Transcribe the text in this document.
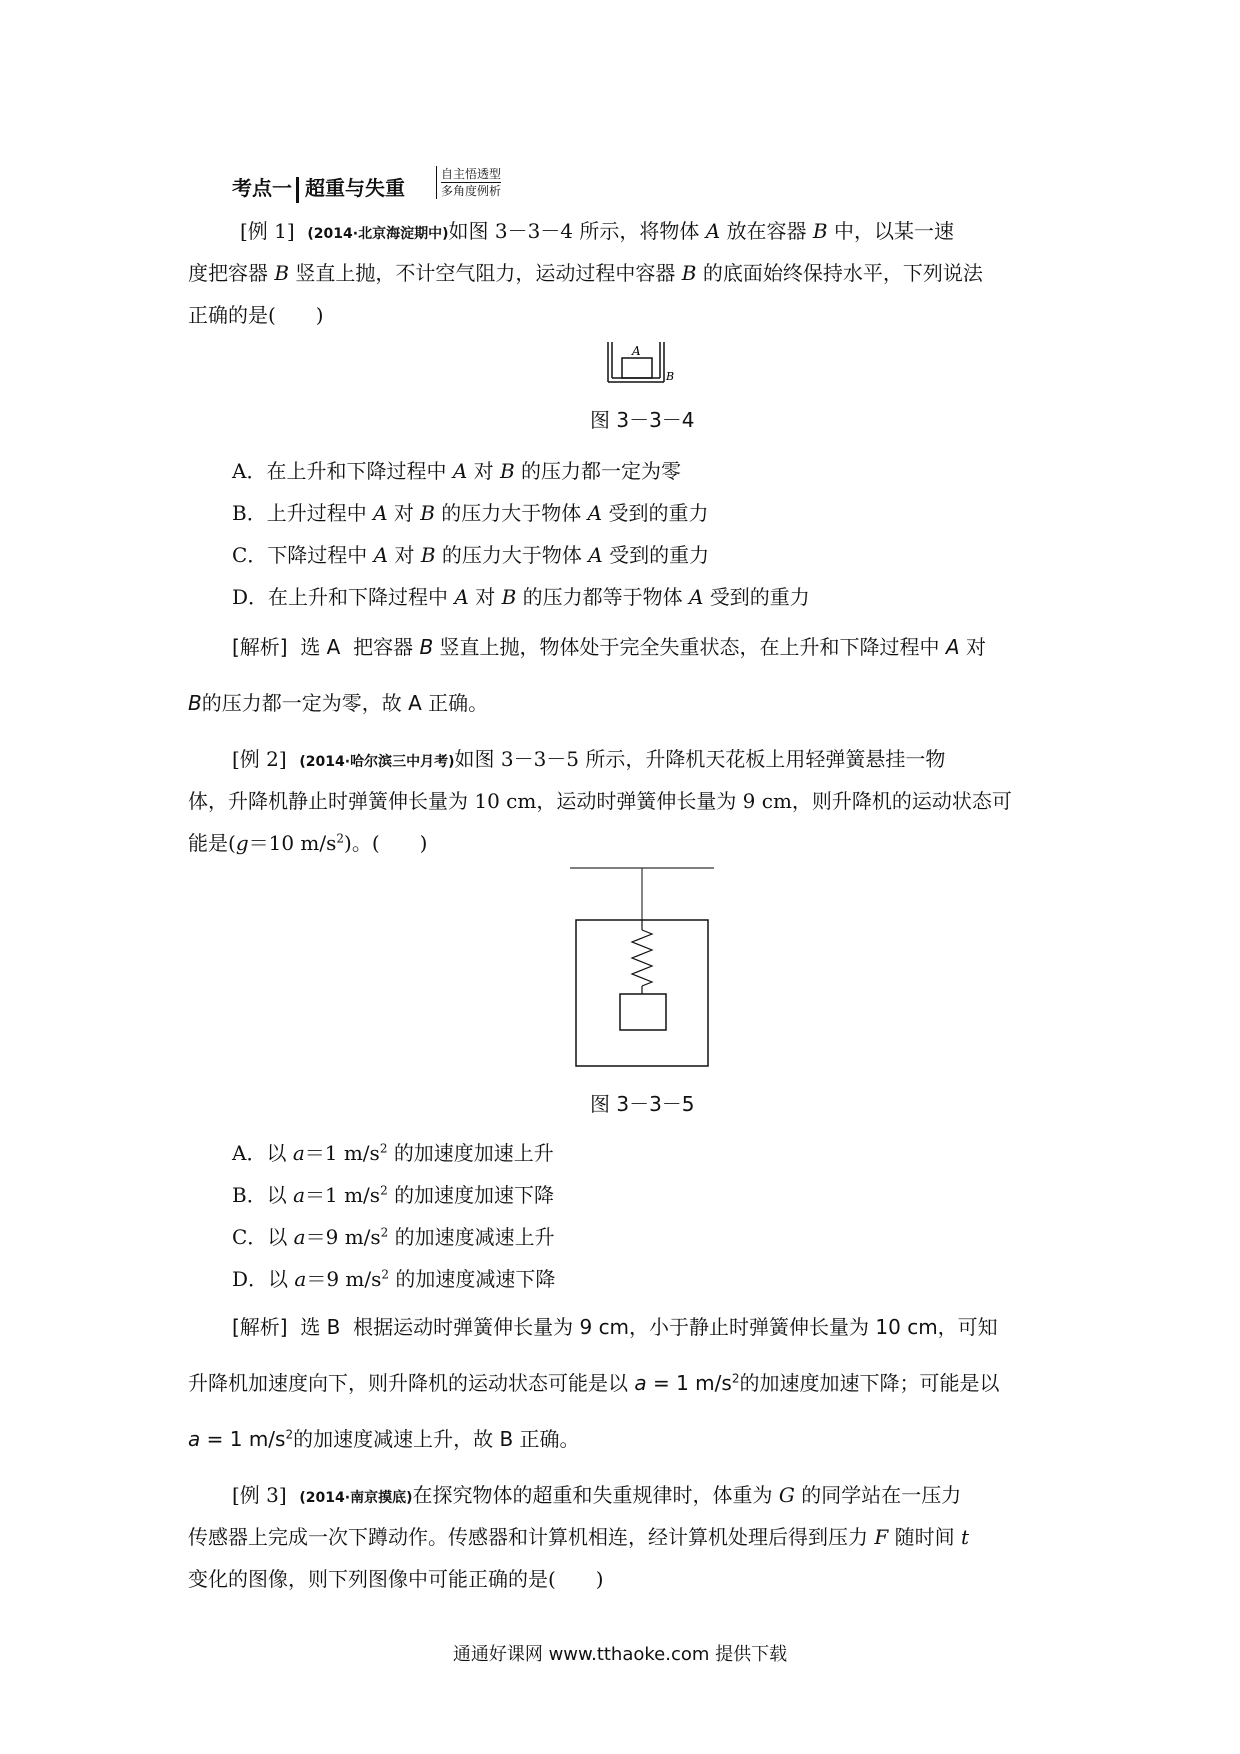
考点一 超重与失重
自主悟透型
多角度例析
[例 1] (2014·北京海淀期中)如图 3－3－4 所示，将物体 A 放在容器 B 中，以某一速
度把容器 B 竖直上抛，不计空气阻力，运动过程中容器 B 的底面始终保持水平，下列说法
正确的是(　　)
A
B
图 3－3－4
A．在上升和下降过程中 A 对 B 的压力都一定为零
B．上升过程中 A 对 B 的压力大于物体 A 受到的重力
C．下降过程中 A 对 B 的压力大于物体 A 受到的重力
D．在上升和下降过程中 A 对 B 的压力都等于物体 A 受到的重力
[解析] 选 A 把容器 B 竖直上抛，物体处于完全失重状态，在上升和下降过程中 A 对
B的压力都一定为零，故 A 正确。
[例 2] (2014·哈尔滨三中月考)如图 3－3－5 所示，升降机天花板上用轻弹簧悬挂一物
体，升降机静止时弹簧伸长量为 10 cm，运动时弹簧伸长量为 9 cm，则升降机的运动状态可
能是(g＝10 $m/s^2$)。(　　)
图 3－3－5
A．以 a＝1 $m/s^2$ 的加速度加速上升
B．以 a＝1 $m/s^2$ 的加速度加速下降
C．以 a＝9 $m/s^2$ 的加速度减速上升
D．以 a＝9 $m/s^2$ 的加速度减速下降
[解析] 选 B 根据运动时弹簧伸长量为 9 cm，小于静止时弹簧伸长量为 10 cm，可知
升降机加速度向下，则升降机的运动状态可能是以 a = 1 $m/s^2$的加速度加速下降；可能是以
a = 1 $m/s^2$的加速度减速上升，故 B 正确。
[例 3] (2014·南京摸底)在探究物体的超重和失重规律时，体重为 G 的同学站在一压力
传感器上完成一次下蹲动作。传感器和计算机相连，经计算机处理后得到压力 F 随时间 t
变化的图像，则下列图像中可能正确的是(　　)
通通好课网 www.tthaoke.com 提供下载
